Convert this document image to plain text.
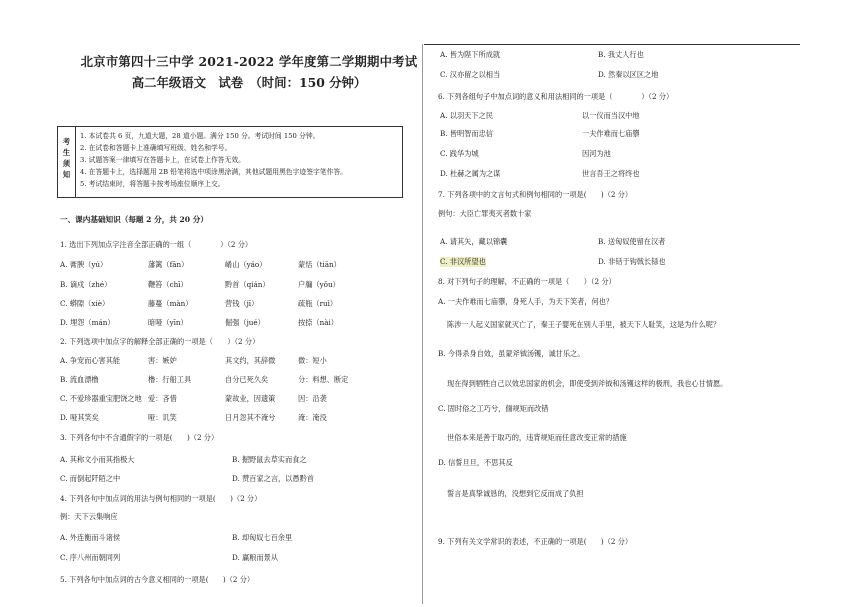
北京市第四十三中学 2021-2022 学年度第二学期期中考试
高二年级语文　试卷　（时间：150 分钟）
考
生
须
知
1. 本试卷共 6 页，九道大题，28 道小题。满分 150 分。考试时间 150 分钟。
2. 在试卷和答题卡上准确填写班级、姓名和学号。
3. 试题答案一律填写在答题卡上，在试卷上作答无效。
4. 在答题卡上，选择题用 2B 铅笔将选中项涂黑涂满，其他试题用黑色字迹签字笔作答。
5. 考试结束时，将答题卡按考场座位顺序上交。
一、课内基础知识（每题 2 分，共 20 分）
1. 选出下列加点字注音全部正确的一组（　　　　）（2 分）
A. 膏腴（yú）	藩篱（fān）	崤山（yáo）	蒙恬（tiān）
B. 谪戍（zhé）	鞭笞（chī）	黔首（qián）	户牖（yǒu）
C. 蟒隙（xiè）	藤蔓（màn）	营钱（jī）	疏瓶（ruì）
D. 埋怨（mán）	暗哑（yīn）	倔强（jué）	按捺（nài）
2. 下列选项中加点字的解释全部正确的一项是（　　）（2 分）
A. 争宠而心害其能	害：嫉妒	其文约，其辞微	微：短小
B. 流血漂橹	橹：行船工具	自分已死久矣	分：料想、断定
C. 不爱珍器重宝肥饶之地 爱：吝惜	蒙故业，因遗策	因：沿袭
D. 哑其笑矣	哑：讥笑	日月忽其不淹兮	淹：淹没
3. 下列各句中不含通假字的一项是(　　)（2 分）
A. 其称文小而其指极大	B. 掘野鼠去草实而食之
C. 而倒起阡陌之中	D. 赞百家之言，以愚黔首
4. 下列各句中加点词的用法与例句相同的一项是(　　)（2 分）
例：天下云集响应
A. 外连衡而斗诸侯	B. 却匈奴七百余里
C. 序八州而朝同列	D. 赢粮而景从
5. 下列各句中加点词的古今意义相同的一项是(　　)（2 分）
A. 皆为陛下所成就	B. 我丈人行也
C. 汉亦留之以相当	D. 然秦以区区之地
6. 下列各组句子中加点词的意义和用法相同的一项是（　　　　）（2 分）
A. 以羽天下之民	以一仪而当汉中地
B. 皆明智而忠信	一夫作难而七庙隳
C. 践华为城	因河为池
D. 杜赫之属为之谋	世言吾王之将终也
7. 下列各项中的文言句式和例句相同的一项是(　　)（2 分）
例句：大臣亡罪夷灭者数十家
A. 请其矢，藏以锦囊	B. 送匈奴使留在汉者
C. 非汉所望也	D. 非铦于钩戟长铩也
8. 对下列句子的理解，不正确的一项是（　　）（2 分）
A. 一夫作难而七庙隳，身死人手，为天下笑者，何也？
陈涉一人起义国家就灭亡了，秦王子婴死在别人手里，被天下人耻笑，这是为什么呢？
B. 今得杀身自效，虽蒙斧钺汤镬，诚甘乐之。
现在得到牺牲自己以效忠国家的机会，即使受到斧钺和汤镬这样的极刑，我也心甘情愿。
C. 固时俗之工巧兮，偭规矩而改错
世俗本来是善于取巧的，违背规矩而任意改变正常的措施
D. 信誓旦旦，不思其反
誓言是真挚诚恳的，没想到它反而成了负担
9. 下列有关文学常识的表述，不正确的一项是(　　)（2 分）
